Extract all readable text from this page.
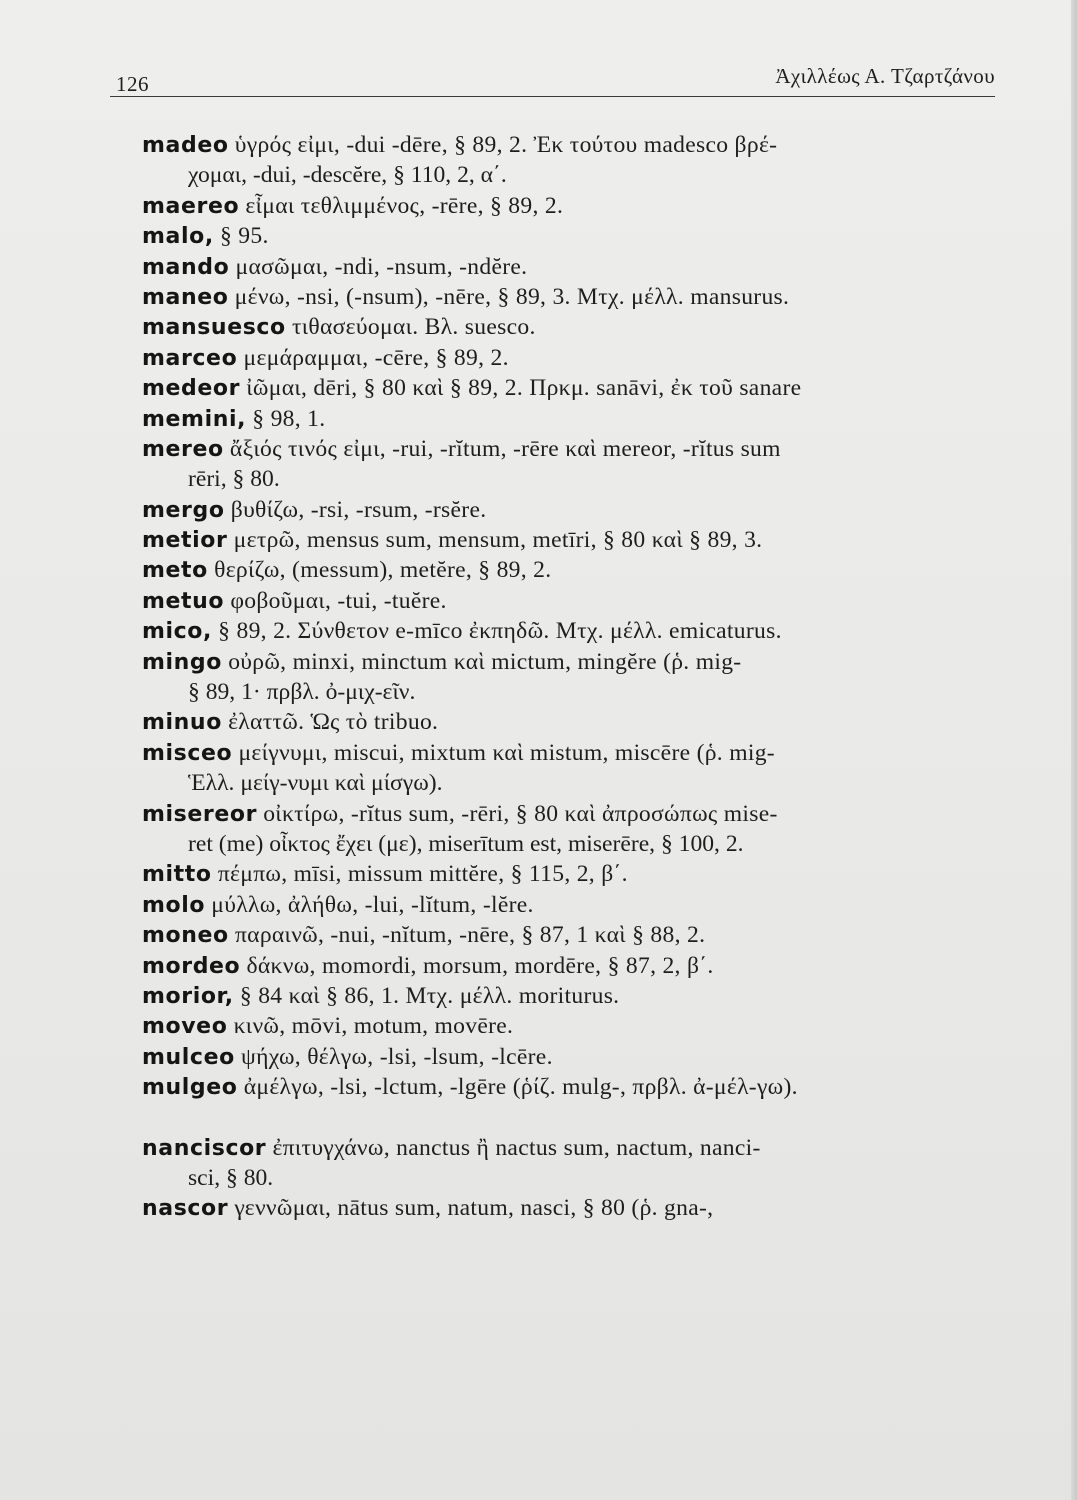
126	Ἀχιλλέως Α. Τζαρτζάνου
madeo ὑγρός εἰμι, -dui -dēre, § 89, 2. Ἐκ τούτου madesco βρέ-
χομαι, -dui, -descĕre, § 110, 2, α΄.
maereo εἶμαι τεθλιμμένος, -rēre, § 89, 2.
malo, § 95.
mando μασῶμαι, -ndi, -nsum, -ndĕre.
maneo μένω, -nsi, (-nsum), -nēre, § 89, 3. Μτχ. μέλλ. mansurus.
mansuesco τιθασεύομαι. Βλ. suesco.
marceo μεμάραμμαι, -cēre, § 89, 2.
medeor ἰῶμαι, dēri, § 80 καὶ § 89, 2. Πρκμ. sanāvi, ἐκ τοῦ sanare
memini, § 98, 1.
mereo ἄξιός τινός εἰμι, -rui, -rĭtum, -rēre καὶ mereor, -rĭtus sum
rēri, § 80.
mergo βυθίζω, -rsi, -rsum, -rsĕre.
metior μετρῶ, mensus sum, mensum, metīri, § 80 καὶ § 89, 3.
meto θερίζω, (messum), metĕre, § 89, 2.
metuo φοβοῦμαι, -tui, -tuĕre.
mico, § 89, 2. Σύνθετον e-mīco ἐκπηδῶ. Μτχ. μέλλ. emicaturus.
mingo οὐρῶ, minxi, minctum καὶ mictum, mingĕre (ῥ. mig-
§ 89, 1· πρβλ. ὀ-μιχ-εῖν.
minuo ἐλαττῶ. Ὡς τὸ tribuo.
misceo μείγνυμι, miscui, mixtum καὶ mistum, miscēre (ῥ. mig-
Ἑλλ. μείγ-νυμι καὶ μίσγω).
misereor οἰκτίρω, -rĭtus sum, -rēri, § 80 καὶ ἀπροσώπως mise-
ret (me) οἶκτος ἔχει (με), miserītum est, miserēre, § 100, 2.
mitto πέμπω, mīsi, missum mittĕre, § 115, 2, β΄.
molo μύλλω, ἀλήθω, -lui, -lĭtum, -lĕre.
moneo παραινῶ, -nui, -nĭtum, -nēre, § 87, 1 καὶ § 88, 2.
mordeo δάκνω, momordi, morsum, mordēre, § 87, 2, β΄.
morior, § 84 καὶ § 86, 1. Μτχ. μέλλ. moriturus.
moveo κινῶ, mōvi, motum, movēre.
mulceo ψήχω, θέλγω, -lsi, -lsum, -lcēre.
mulgeo ἀμέλγω, -lsi, -lctum, -lgēre (ῥίζ. mulg-, πρβλ. ἀ-μέλ-γω).
nanciscor ἐπιτυγχάνω, nanctus ἢ nactus sum, nactum, nanci-
sci, § 80.
nascor γεννῶμαι, nātus sum, natum, nasci, § 80 (ῥ. gna-,
